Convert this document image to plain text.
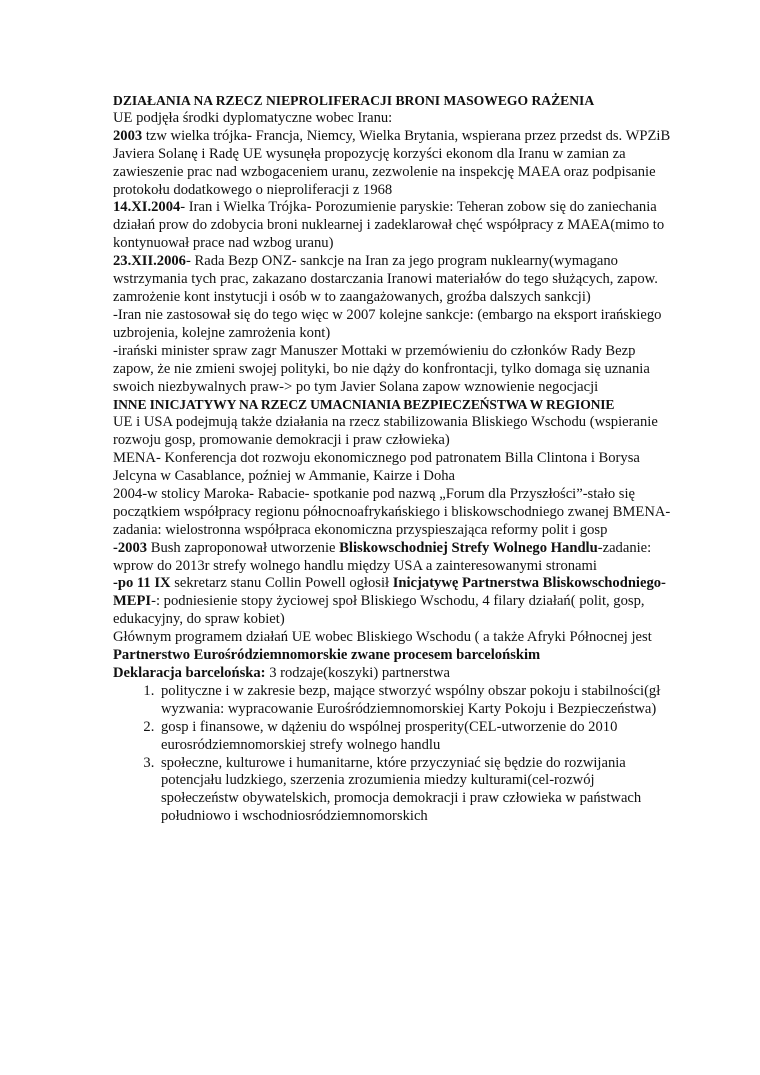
DZIAŁANIA NA RZECZ NIEPROLIFERACJI BRONI MASOWEGO RAŻENIA

UE podjęła środki dyplomatyczne wobec Iranu:

2003 tzw wielka trójka- Francja, Niemcy, Wielka Brytania, wspierana przez przedst ds. WPZiB Javiera Solanę i Radę UE wysunęła propozycję korzyści ekonom dla Iranu w zamian za zawieszenie prac nad wzbogaceniem uranu, zezwolenie na inspekcję MAEA oraz podpisanie protokołu dodatkowego o nieproliferacji z 1968

14.XI.2004- Iran i Wielka Trójka- Porozumienie paryskie: Teheran zobow się do zaniechania działań prow do zdobycia broni nuklearnej i zadeklarował chęć współpracy z MAEA(mimo to kontynuował prace nad wzbog uranu)

23.XII.2006- Rada Bezp ONZ- sankcje na Iran za jego program nuklearny(wymagano wstrzymania tych prac, zakazano dostarczania Iranowi materiałów do tego służących, zapow. zamrożenie kont instytucji i osób w to zaangażowanych, groźba dalszych sankcji)

-Iran nie zastosował się do tego więc w 2007 kolejne sankcje: (embargo na eksport irańskiego uzbrojenia, kolejne zamrożenia kont)

-irański minister spraw zagr Manuszer Mottaki w przemówieniu do członków Rady Bezp zapow, że nie zmieni swojej polityki, bo nie dąży do konfrontacji, tylko domaga się uznania swoich niezbywalnych praw-> po tym Javier Solana zapow wznowienie negocjacji

INNE INICJATYWY NA RZECZ UMACNIANIA BEZPIECZEŃSTWA W REGIONIE

UE i USA podejmują także działania na rzecz stabilizowania Bliskiego Wschodu (wspieranie rozwoju gosp, promowanie demokracji i praw człowieka)

MENA- Konferencja dot rozwoju ekonomicznego pod patronatem Billa Clintona i Borysa Jelcyna w Casablance, poźniej w Ammanie, Kairze i Doha

2004-w stolicy Maroka- Rabacie- spotkanie pod nazwą „Forum dla Przyszłości”-stało się początkiem współpracy regionu północnoafrykańskiego i bliskowschodniego zwanej BMENA- zadania: wielostronna współpraca ekonomiczna przyspieszająca reformy polit i gosp

-2003 Bush zaproponował utworzenie Bliskowschodniej Strefy Wolnego Handlu-zadanie: wprow do 2013r strefy wolnego handlu między USA a zainteresowanymi stronami

-po 11 IX sekretarz stanu Collin Powell ogłosił Inicjatywę Partnerstwa Bliskowschodniego- MEPI-: podniesienie stopy życiowej społ Bliskiego Wschodu, 4 filary działań( polit, gosp, edukacyjny, do spraw kobiet)

Głównym programem działań UE wobec Bliskiego Wschodu ( a także Afryki Północnej jest Partnerstwo Eurośródziemnomorskie zwane procesem barcelońskim

Deklaracja barcelońska: 3 rodzaje(koszyki) partnerstwa

1. polityczne i w zakresie bezp, mające stworzyć wspólny obszar pokoju i stabilności(gł wyzwania: wypracowanie Eurośródziemnomorskiej Karty Pokoju i Bezpieczeństwa)
2. gosp i finansowe, w dążeniu do wspólnej prosperity(CEL-utworzenie do 2010 eurosródziemnomorskiej strefy wolnego handlu
3. społeczne, kulturowe i humanitarne, które przyczyniać się będzie do rozwijania potencjału ludzkiego, szerzenia zrozumienia miedzy kulturami(cel-rozwój społeczeństw obywatelskich, promocja demokracji i praw człowieka w państwach południowo i wschodniosródziemnomorskich
